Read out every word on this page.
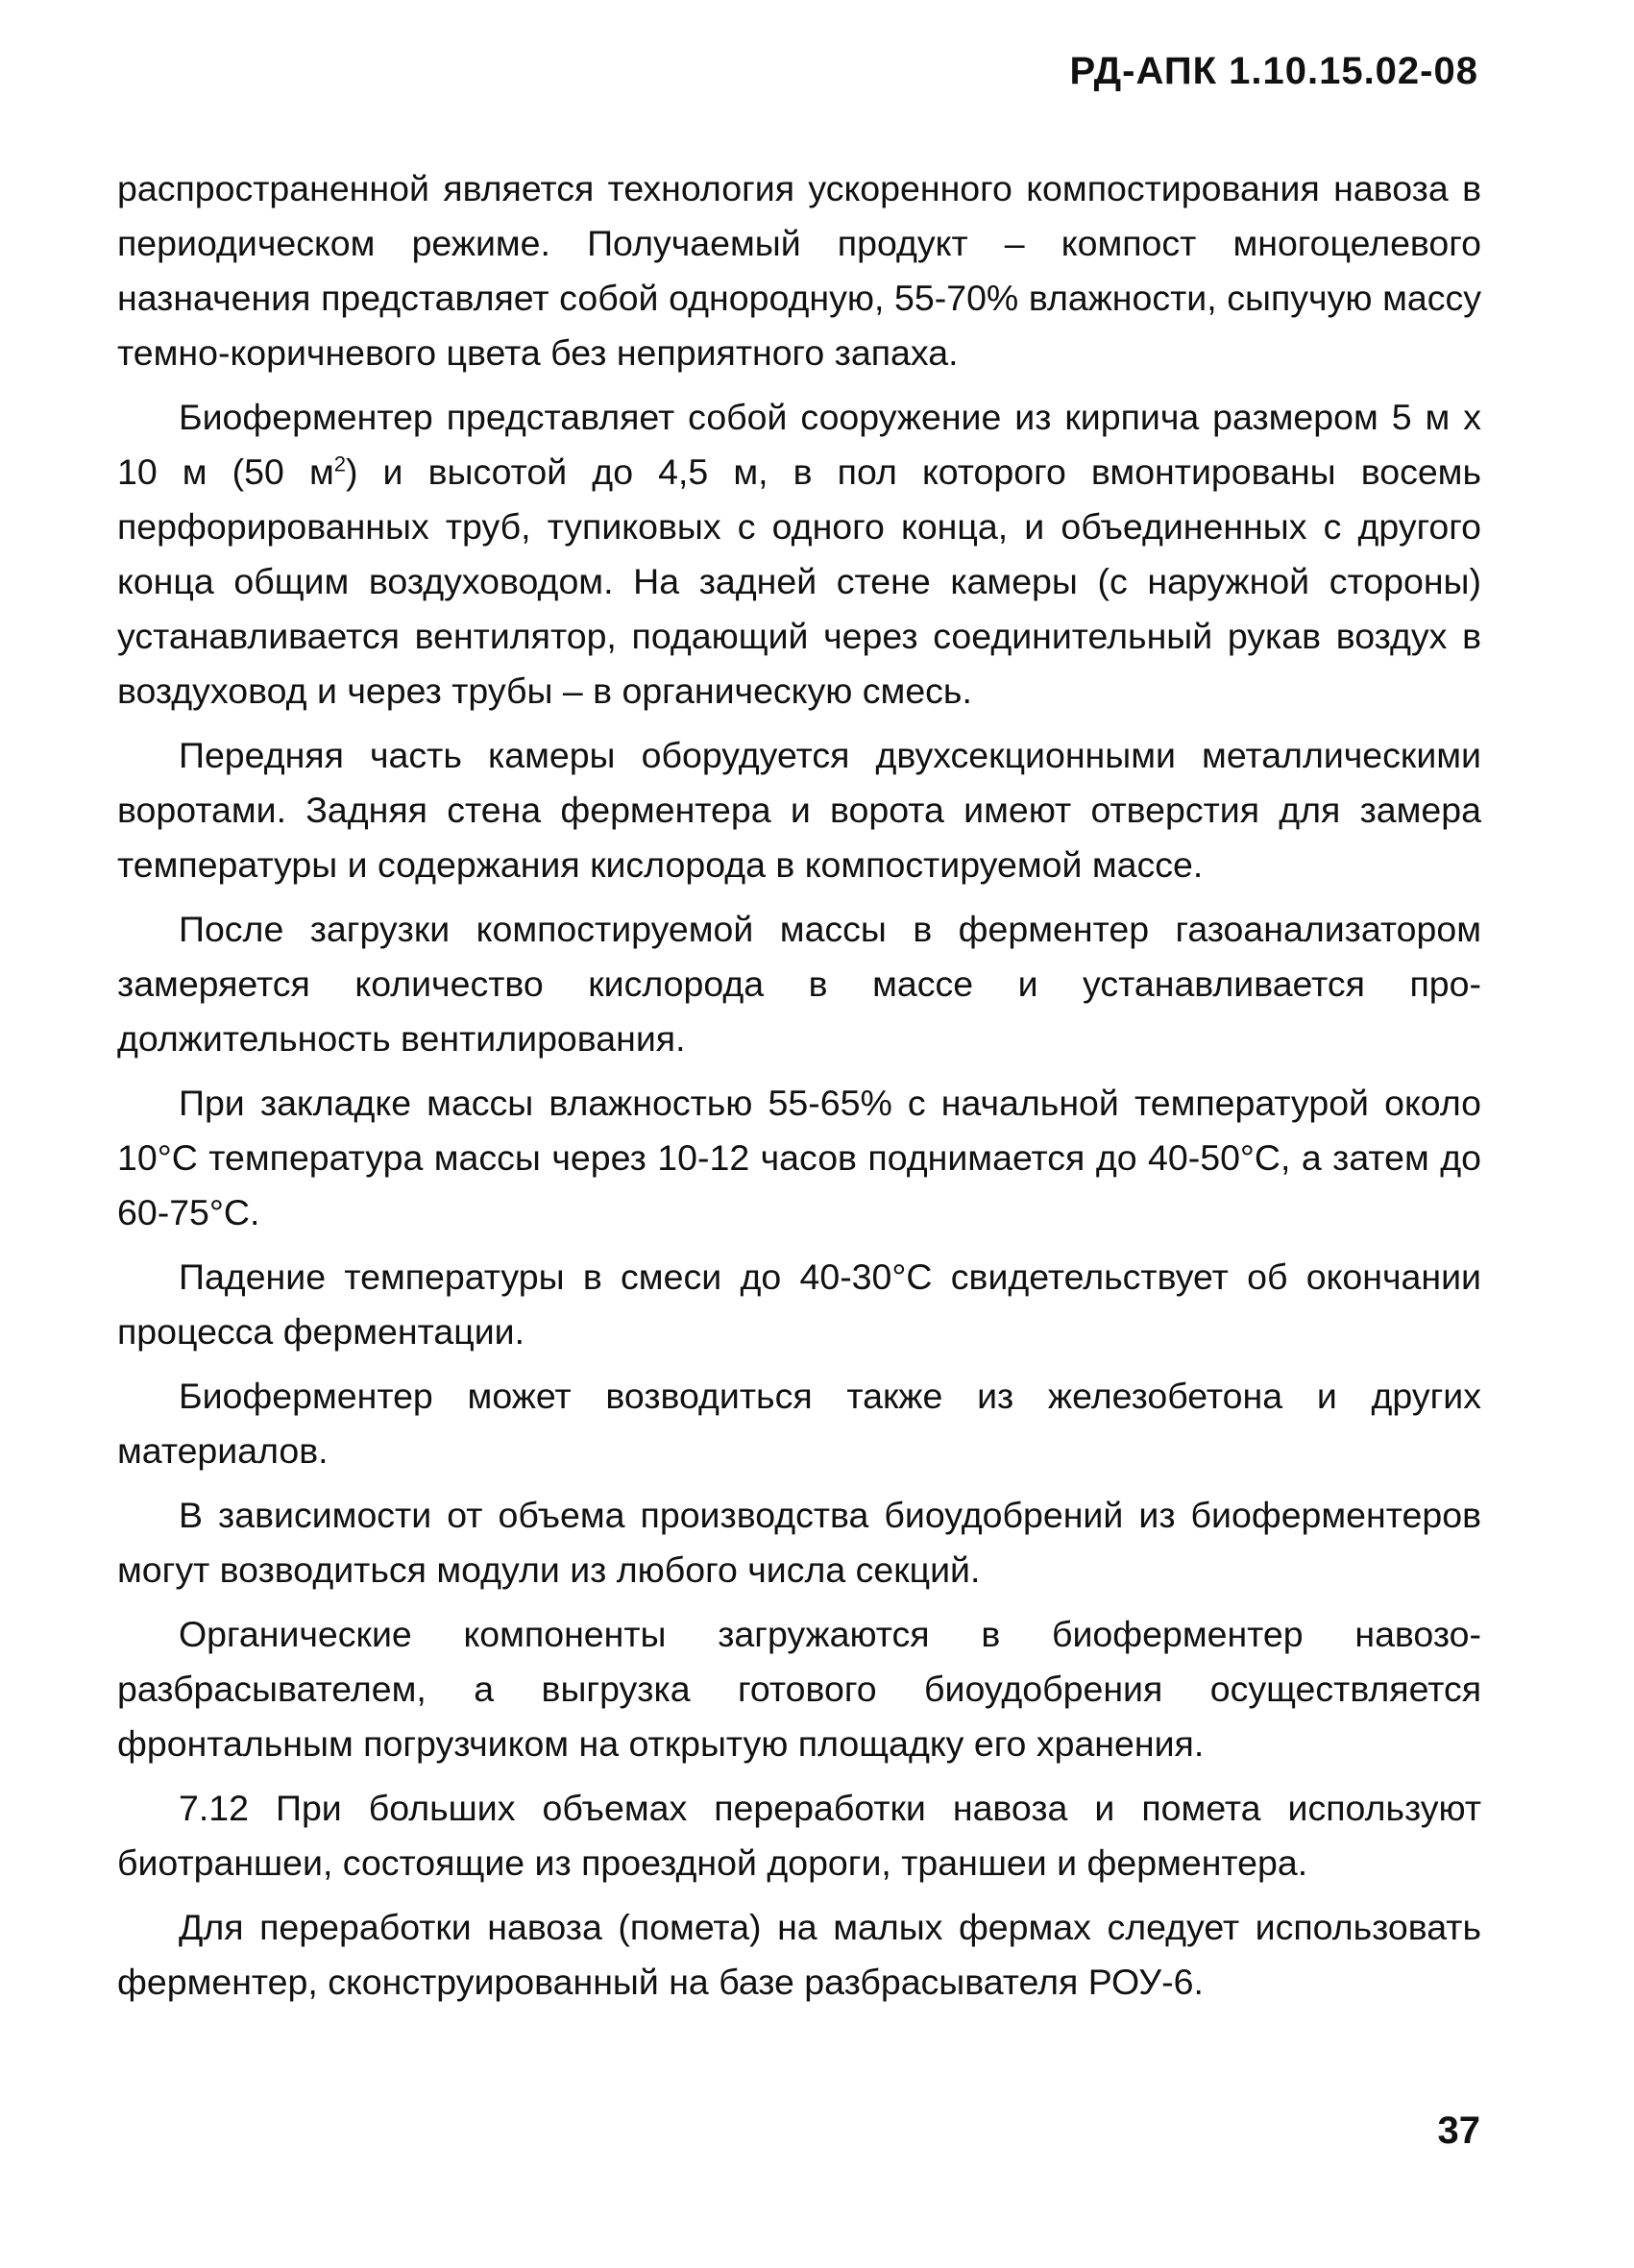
РД-АПК 1.10.15.02-08

распространенной является технология ускоренного компостирования навоза в периодическом режиме. Получаемый продукт – компост многоцелевого назначения представляет собой однородную, 55-70% влажности, сыпучую массу темно-коричневого цвета без неприятного запаха.

Биоферментер представляет собой сооружение из кирпича размером 5 м х 10 м (50 $м^2$) и высотой до 4,5 м, в пол которого вмонтированы восемь перфорированных труб, тупиковых с одного конца, и объединенных с другого конца общим воздуховодом. На задней стене камеры (с наружной стороны) устанавливается вентилятор, подающий через соединительный рукав воздух в воздуховод и через трубы – в органическую смесь.

Передняя часть камеры оборудуется двухсекционными металлическими воротами. Задняя стена ферментера и ворота имеют отверстия для замера температуры и содержания кислорода в компостируемой массе.

После загрузки компостируемой массы в ферментер газоанализатором замеряется количество кислорода в массе и устанавливается продолжительность вентилирования.

При закладке массы влажностью 55-65% с начальной температурой около 10°С температура массы через 10-12 часов поднимается до 40-50°С, а затем до 60-75°С.

Падение температуры в смеси до 40-30°С свидетельствует об окончании процесса ферментации.

Биоферментер может возводиться также из железобетона и других материалов.

В зависимости от объема производства биоудобрений из биоферментеров могут возводиться модули из любого числа секций.

Органические компоненты загружаются в биоферментер навозоразбрасывателем, а выгрузка готового биоудобрения осуществляется фронтальным погрузчиком на открытую площадку его хранения.

7.12 При больших объемах переработки навоза и помета используют биотраншеи, состоящие из проездной дороги, траншеи и ферментера.

Для переработки навоза (помета) на малых фермах следует использовать ферментер, сконструированный на базе разбрасывателя РОУ-6.

37
